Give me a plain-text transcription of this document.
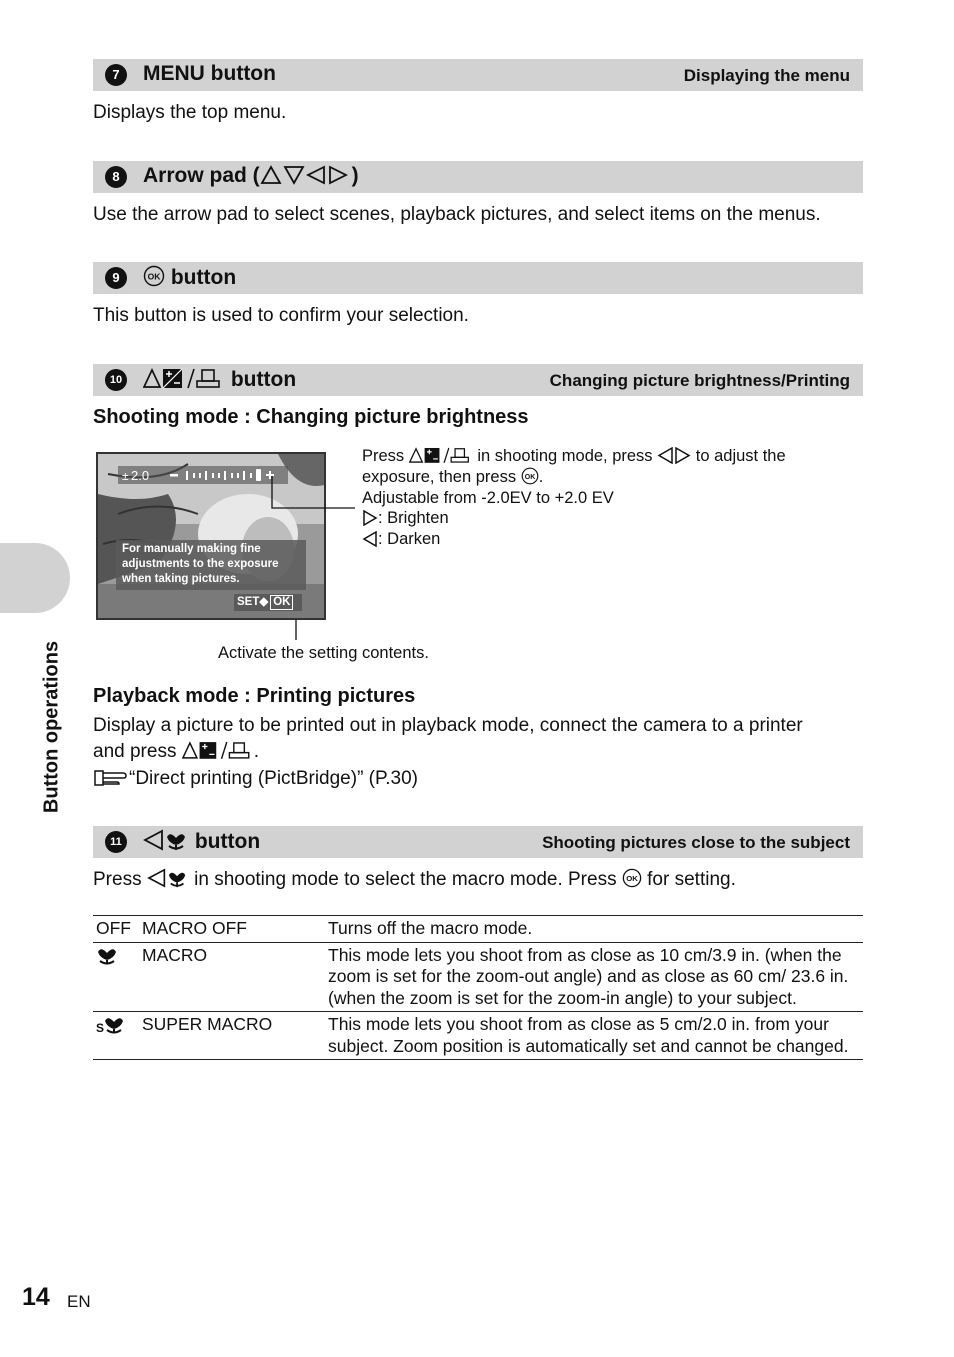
Button operations
7	MENU button	Displaying the menu
Displays the top menu.
8	Arrow pad (	)
Use the arrow pad to select scenes, playback pictures, and select items on the menus.
9	OK button
This button is used to confirm your selection.
10	button	Changing picture brightness/Printing
Shooting mode : Changing picture brightness
± 2.0
For manually making fine
adjustments to the exposure
when taking pictures.
SET◆ OK
Press	in shooting mode, press	to adjust the
exposure, then press OK .
Adjustable from -2.0EV to +2.0 EV
: Brighten
: Darken
Activate the setting contents.
Playback mode : Printing pictures
Display a picture to be printed out in playback mode, connect the camera to a printer
and press	.
“Direct printing (PictBridge)” (P.30)
11	button	Shooting pictures close to the subject
Press	in shooting mode to select the macro mode. Press OK for setting.
OFF	MACRO OFF	Turns off the macro mode.
	MACRO	This mode lets you shoot from as close as 10 cm/3.9 in. (when the zoom is set for the zoom-out angle) and as close as 60 cm/ 23.6 in. (when the zoom is set for the zoom-in angle) to your subject.

S	SUPER MACRO	This mode lets you shoot from as close as 5 cm/2.0 in. from your subject. Zoom position is automatically set and cannot be changed.
14 EN
